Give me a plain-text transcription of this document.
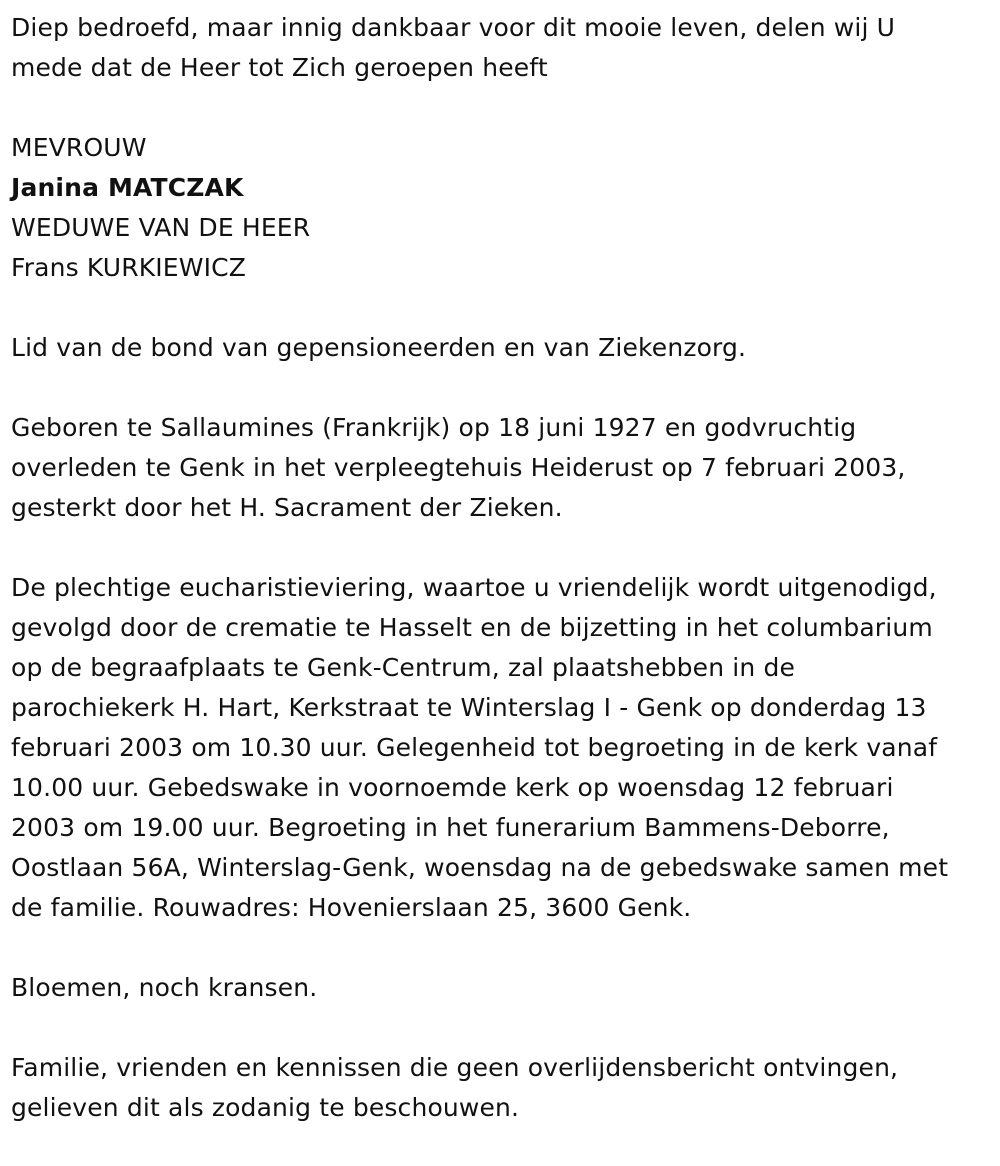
Diep bedroefd, maar innig dankbaar voor dit mooie leven, delen wij U
mede dat de Heer tot Zich geroepen heeft

MEVROUW
Janina MATCZAK
WEDUWE VAN DE HEER
Frans KURKIEWICZ

Lid van de bond van gepensioneerden en van Ziekenzorg.

Geboren te Sallaumines (Frankrijk) op 18 juni 1927 en godvruchtig
overleden te Genk in het verpleegtehuis Heiderust op 7 februari 2003,
gesterkt door het H. Sacrament der Zieken.

De plechtige eucharistieviering, waartoe u vriendelijk wordt uitgenodigd,
gevolgd door de crematie te Hasselt en de bijzetting in het columbarium
op de begraafplaats te Genk-Centrum, zal plaatshebben in de
parochiekerk H. Hart, Kerkstraat te Winterslag I - Genk op donderdag 13
februari 2003 om 10.30 uur. Gelegenheid tot begroeting in de kerk vanaf
10.00 uur. Gebedswake in voornoemde kerk op woensdag 12 februari
2003 om 19.00 uur. Begroeting in het funerarium Bammens-Deborre,
Oostlaan 56A, Winterslag-Genk, woensdag na de gebedswake samen met
de familie. Rouwadres: Hovenierslaan 25, 3600 Genk.

Bloemen, noch kransen.

Familie, vrienden en kennissen die geen overlijdensbericht ontvingen,
gelieven dit als zodanig te beschouwen.
